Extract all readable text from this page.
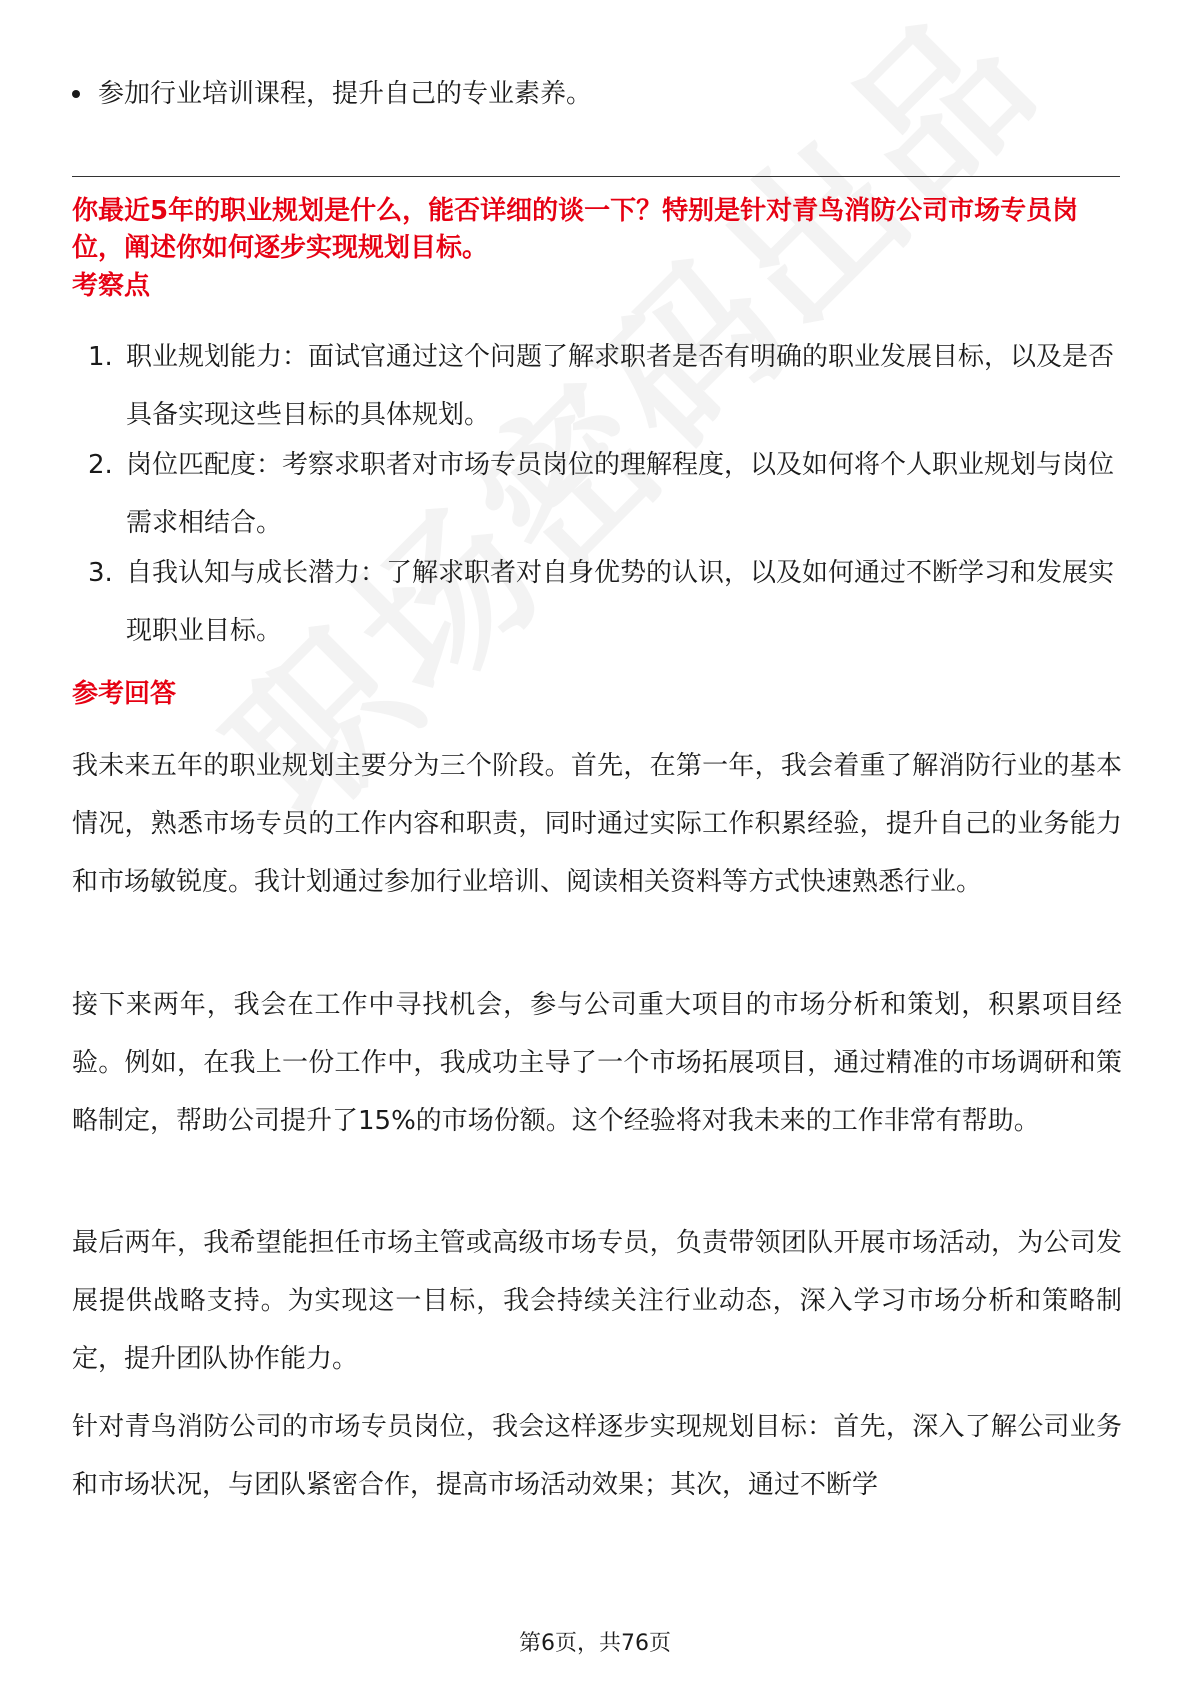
参加行业培训课程，提升自己的专业素养。
你最近5年的职业规划是什么，能否详细的谈一下？特别是针对青鸟消防公司市场专员岗位，阐述你如何逐步实现规划目标。
考察点
1. 职业规划能力：面试官通过这个问题了解求职者是否有明确的职业发展目标，以及是否具备实现这些目标的具体规划。
2. 岗位匹配度：考察求职者对市场专员岗位的理解程度，以及如何将个人职业规划与岗位需求相结合。
3. 自我认知与成长潜力：了解求职者对自身优势的认识，以及如何通过不断学习和发展实现职业目标。
参考回答
我未来五年的职业规划主要分为三个阶段。首先，在第一年，我会着重了解消防行业的基本情况，熟悉市场专员的工作内容和职责，同时通过实际工作积累经验，提升自己的业务能力和市场敏锐度。我计划通过参加行业培训、阅读相关资料等方式快速熟悉行业。
接下来两年，我会在工作中寻找机会，参与公司重大项目的市场分析和策划，积累项目经验。例如，在我上一份工作中，我成功主导了一个市场拓展项目，通过精准的市场调研和策略制定，帮助公司提升了15%的市场份额。这个经验将对我未来的工作非常有帮助。
最后两年，我希望能担任市场主管或高级市场专员，负责带领团队开展市场活动，为公司发展提供战略支持。为实现这一目标，我会持续关注行业动态，深入学习市场分析和策略制定，提升团队协作能力。
针对青鸟消防公司的市场专员岗位，我会这样逐步实现规划目标：首先，深入了解公司业务和市场状况，与团队紧密合作，提高市场活动效果；其次，通过不断学
第6页，共76页
